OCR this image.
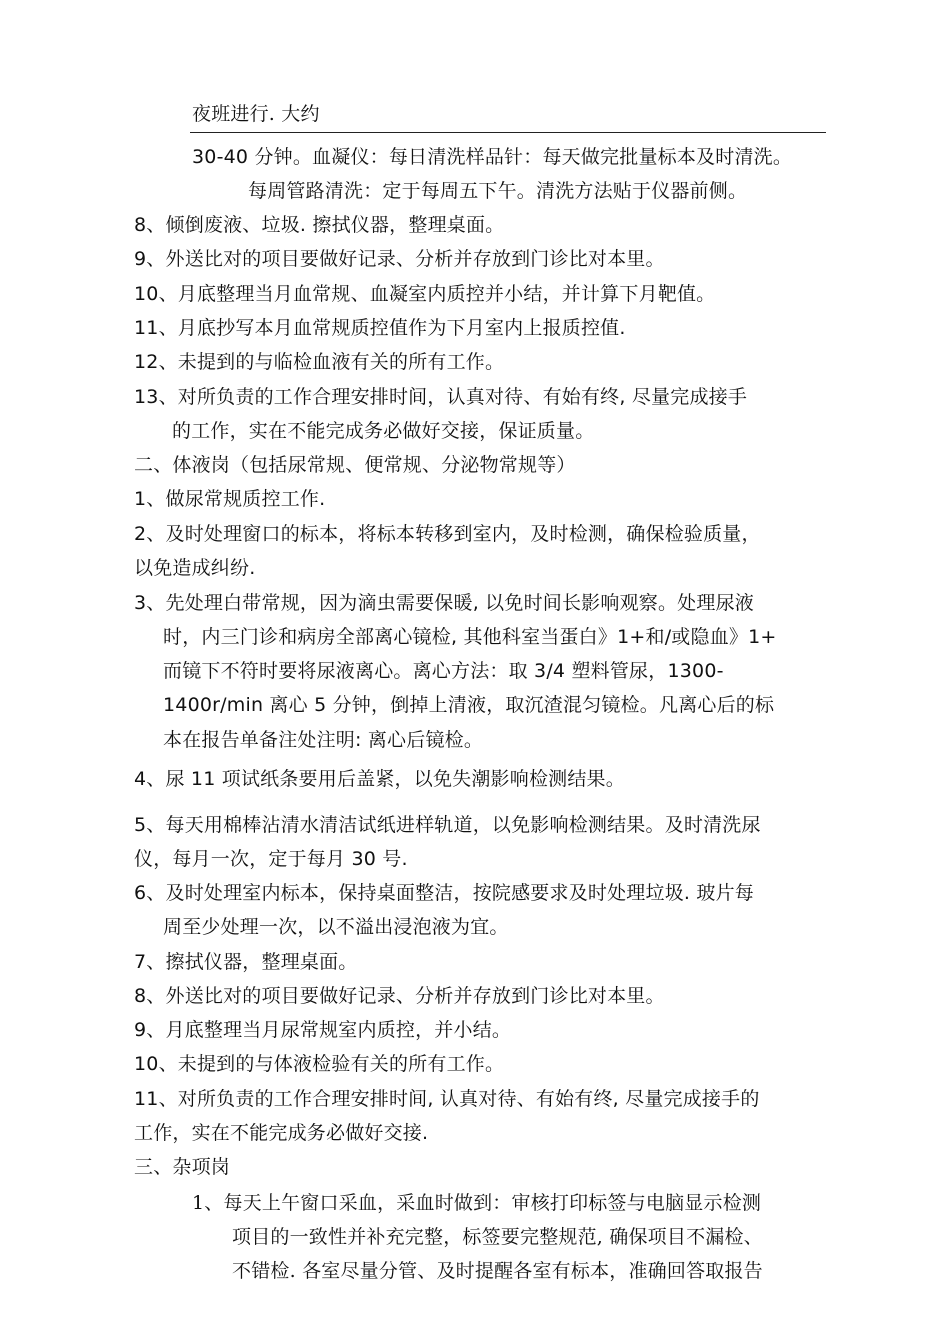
夜班进行. 大约
30-40 分钟。血凝仪：每日清洗样品针：每天做完批量标本及时清洗。
每周管路清洗：定于每周五下午。清洗方法贴于仪器前侧。
8、倾倒废液、垃圾. 擦拭仪器，整理桌面。
9、外送比对的项目要做好记录、分析并存放到门诊比对本里。
10、月底整理当月血常规、血凝室内质控并小结，并计算下月靶值。
11、月底抄写本月血常规质控值作为下月室内上报质控值.
12、未提到的与临检血液有关的所有工作。
13、对所负责的工作合理安排时间，认真对待、有始有终, 尽量完成接手
的工作，实在不能完成务必做好交接，保证质量。
二、体液岗（包括尿常规、便常规、分泌物常规等）
1、做尿常规质控工作.
2、及时处理窗口的标本，将标本转移到室内，及时检测，确保检验质量，
以免造成纠纷.
3、先处理白带常规，因为滴虫需要保暖, 以免时间长影响观察。处理尿液
时，内三门诊和病房全部离心镜检, 其他科室当蛋白》1+和/或隐血》1+
而镜下不符时要将尿液离心。离心方法：取 3/4 塑料管尿，1300-
1400r/min 离心 5 分钟，倒掉上清液，取沉渣混匀镜检。凡离心后的标
本在报告单备注处注明: 离心后镜检。
4、尿 11 项试纸条要用后盖紧，以免失潮影响检测结果。
5、每天用棉棒沾清水清洁试纸进样轨道，以免影响检测结果。及时清洗尿
仪，每月一次，定于每月 30 号.
6、及时处理室内标本，保持桌面整洁，按院感要求及时处理垃圾. 玻片每
周至少处理一次，以不溢出浸泡液为宜。
7、擦拭仪器，整理桌面。
8、外送比对的项目要做好记录、分析并存放到门诊比对本里。
9、月底整理当月尿常规室内质控，并小结。
10、未提到的与体液检验有关的所有工作。
11、对所负责的工作合理安排时间, 认真对待、有始有终, 尽量完成接手的
工作，实在不能完成务必做好交接.
三、杂项岗
1、每天上午窗口采血，采血时做到：审核打印标签与电脑显示检测
项目的一致性并补充完整，标签要完整规范, 确保项目不漏检、
不错检. 各室尽量分管、及时提醒各室有标本，准确回答取报告
